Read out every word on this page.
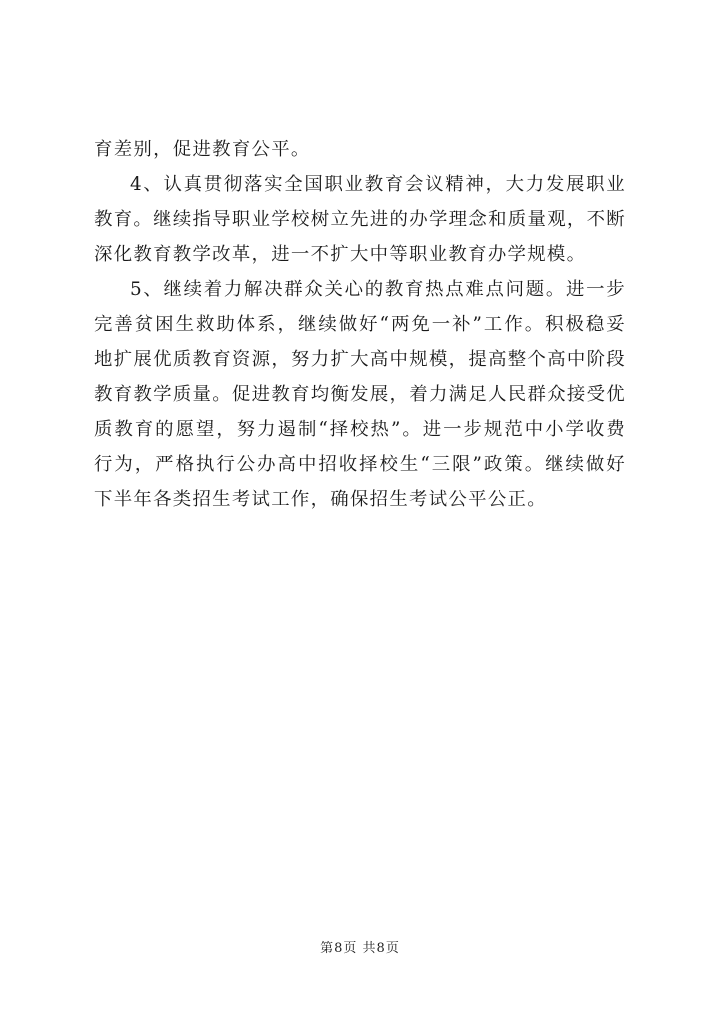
育差别，促进教育公平。

4、认真贯彻落实全国职业教育会议精神，大力发展职业教育。继续指导职业学校树立先进的办学理念和质量观，不断深化教育教学改革，进一不扩大中等职业教育办学规模。

5、继续着力解决群众关心的教育热点难点问题。进一步完善贫困生救助体系，继续做好“两免一补”工作。积极稳妥地扩展优质教育资源，努力扩大高中规模，提高整个高中阶段教育教学质量。促进教育均衡发展，着力满足人民群众接受优质教育的愿望，努力遏制“择校热”。进一步规范中小学收费行为，严格执行公办高中招收择校生“三限”政策。继续做好下半年各类招生考试工作，确保招生考试公平公正。

第8页 共8页
